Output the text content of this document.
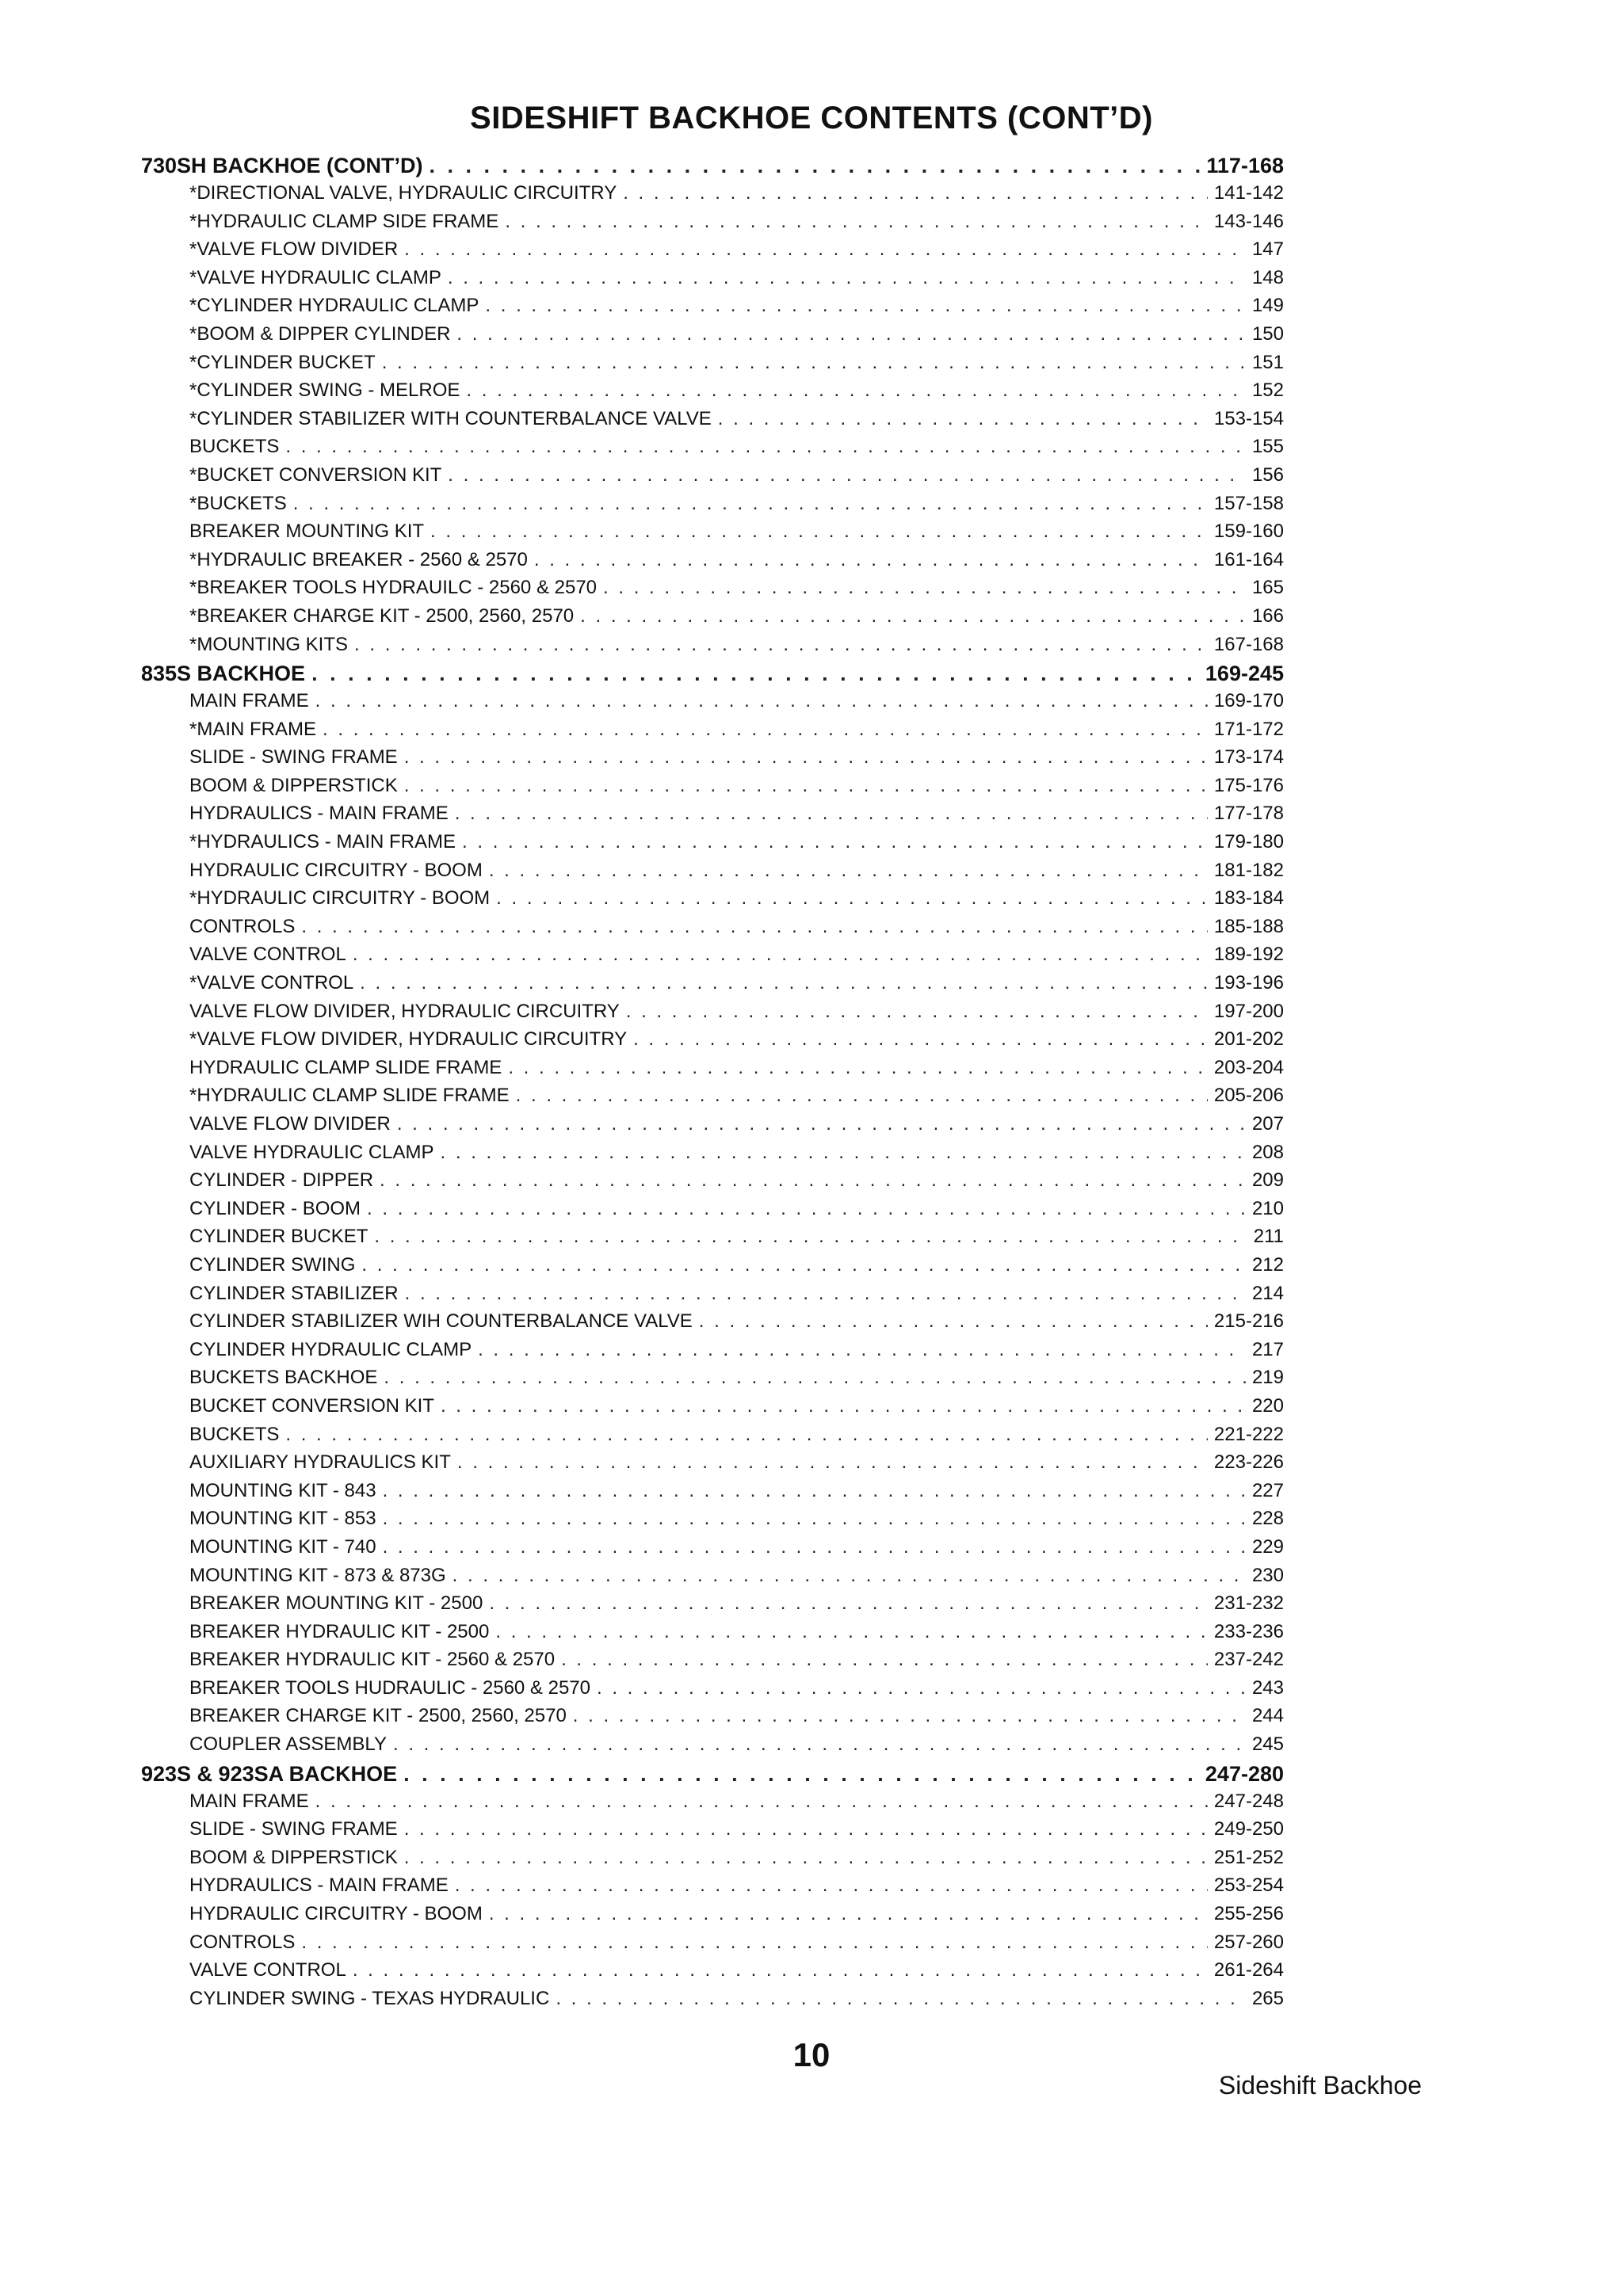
SIDESHIFT BACKHOE CONTENTS (CONT’D)
730SH BACKHOE (CONT’D) . . .	117-168
*DIRECTIONAL VALVE, HYDRAULIC CIRCUITRY . . .	141-142
*HYDRAULIC CLAMP SIDE FRAME . . .	143-146
*VALVE FLOW DIVIDER . . .	147
*VALVE HYDRAULIC CLAMP . . .	148
*CYLINDER HYDRAULIC CLAMP . . .	149
*BOOM & DIPPER CYLINDER . . .	150
*CYLINDER BUCKET . . .	151
*CYLINDER SWING - MELROE . . .	152
*CYLINDER STABILIZER WITH COUNTERBALANCE VALVE . . .	153-154
BUCKETS . . .	155
*BUCKET CONVERSION KIT . . .	156
*BUCKETS . . .	157-158
BREAKER MOUNTING KIT . . .	159-160
*HYDRAULIC BREAKER - 2560 & 2570 . . .	161-164
*BREAKER TOOLS HYDRAUILC - 2560 & 2570 . . .	165
*BREAKER CHARGE KIT - 2500, 2560, 2570 . . .	166
*MOUNTING KITS . . .	167-168
835S BACKHOE . . .	169-245
MAIN FRAME . . .	169-170
*MAIN FRAME . . .	171-172
SLIDE - SWING FRAME . . .	173-174
BOOM & DIPPERSTICK . . .	175-176
HYDRAULICS - MAIN FRAME . . .	177-178
*HYDRAULICS - MAIN FRAME . . .	179-180
HYDRAULIC CIRCUITRY - BOOM . . .	181-182
*HYDRAULIC CIRCUITRY - BOOM . . .	183-184
CONTROLS . . .	185-188
VALVE CONTROL . . .	189-192
*VALVE CONTROL . . .	193-196
VALVE FLOW DIVIDER, HYDRAULIC CIRCUITRY . . .	197-200
*VALVE FLOW DIVIDER, HYDRAULIC CIRCUITRY . . .	201-202
HYDRAULIC CLAMP SLIDE FRAME . . .	203-204
*HYDRAULIC CLAMP SLIDE FRAME . . .	205-206
VALVE FLOW DIVIDER . . .	207
VALVE HYDRAULIC CLAMP . . .	208
CYLINDER - DIPPER . . .	209
CYLINDER - BOOM . . .	210
CYLINDER BUCKET . . .	211
CYLINDER SWING . . .	212
CYLINDER STABILIZER . . .	214
CYLINDER STABILIZER WIH COUNTERBALANCE VALVE . . .	215-216
CYLINDER HYDRAULIC CLAMP . . .	217
BUCKETS BACKHOE . . .	219
BUCKET CONVERSION KIT . . .	220
BUCKETS . . .	221-222
AUXILIARY HYDRAULICS KIT . . .	223-226
MOUNTING KIT - 843 . . .	227
MOUNTING KIT - 853 . . .	228
MOUNTING KIT - 740 . . .	229
MOUNTING KIT - 873 & 873G . . .	230
BREAKER MOUNTING KIT - 2500 . . .	231-232
BREAKER HYDRAULIC KIT - 2500 . . .	233-236
BREAKER HYDRAULIC KIT - 2560 & 2570 . . .	237-242
BREAKER TOOLS HUDRAULIC - 2560 & 2570 . . .	243
BREAKER CHARGE KIT - 2500, 2560, 2570 . . .	244
COUPLER ASSEMBLY . . .	245
923S & 923SA BACKHOE . . .	247-280
MAIN FRAME . . .	247-248
SLIDE - SWING FRAME . . .	249-250
BOOM & DIPPERSTICK . . .	251-252
HYDRAULICS - MAIN FRAME . . .	253-254
HYDRAULIC CIRCUITRY - BOOM . . .	255-256
CONTROLS . . .	257-260
VALVE CONTROL . . .	261-264
CYLINDER SWING - TEXAS HYDRAULIC . . .	265
10
Sideshift Backhoe
